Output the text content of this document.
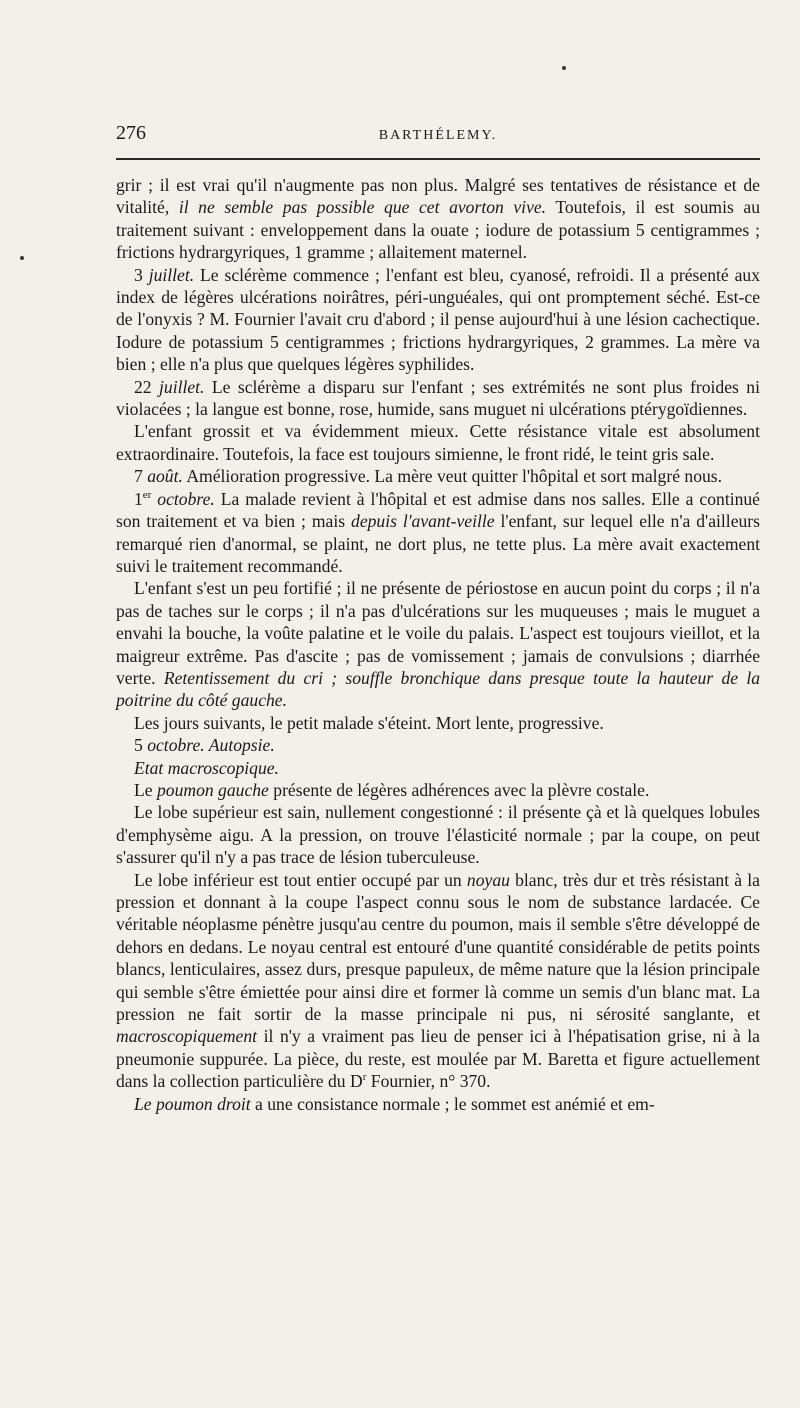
276	BARTHÉLEMY.

grir ; il est vrai qu'il n'augmente pas non plus. Malgré ses tentatives de résistance et de vitalité, il ne semble pas possible que cet avorton vive. Toutefois, il est soumis au traitement suivant : enveloppement dans la ouate ; iodure de potassium 5 centigrammes ; frictions hydrargyriques, 1 gramme ; allaitement maternel.

3 juillet. Le sclérème commence ; l'enfant est bleu, cyanosé, refroidi. Il a présenté aux index de légères ulcérations noirâtres, péri-unguéales, qui ont promptement séché. Est-ce de l'onyxis ? M. Fournier l'avait cru d'abord ; il pense aujourd'hui à une lésion cachectique. Iodure de potassium 5 centigrammes ; frictions hydrargyriques, 2 grammes. La mère va bien ; elle n'a plus que quelques légères syphilides.

22 juillet. Le sclérème a disparu sur l'enfant ; ses extrémités ne sont plus froides ni violacées ; la langue est bonne, rose, humide, sans muguet ni ulcérations ptérygoïdiennes.

L'enfant grossit et va évidemment mieux. Cette résistance vitale est absolument extraordinaire. Toutefois, la face est toujours simienne, le front ridé, le teint gris sale.

7 août. Amélioration progressive. La mère veut quitter l'hôpital et sort malgré nous.

1er octobre. La malade revient à l'hôpital et est admise dans nos salles. Elle a continué son traitement et va bien ; mais depuis l'avant-veille l'enfant, sur lequel elle n'a d'ailleurs remarqué rien d'anormal, se plaint, ne dort plus, ne tette plus. La mère avait exactement suivi le traitement recommandé.

L'enfant s'est un peu fortifié ; il ne présente de périostose en aucun point du corps ; il n'a pas de taches sur le corps ; il n'a pas d'ulcérations sur les muqueuses ; mais le muguet a envahi la bouche, la voûte palatine et le voile du palais. L'aspect est toujours vieillot, et la maigreur extrême. Pas d'ascite ; pas de vomissement ; jamais de convulsions ; diarrhée verte. Retentissement du cri ; souffle bronchique dans presque toute la hauteur de la poitrine du côté gauche.

Les jours suivants, le petit malade s'éteint. Mort lente, progressive.

5 octobre. Autopsie.

Etat macroscopique.

Le poumon gauche présente de légères adhérences avec la plèvre costale.

Le lobe supérieur est sain, nullement congestionné : il présente çà et là quelques lobules d'emphysème aigu. A la pression, on trouve l'élasticité normale ; par la coupe, on peut s'assurer qu'il n'y a pas trace de lésion tuberculeuse.

Le lobe inférieur est tout entier occupé par un noyau blanc, très dur et très résistant à la pression et donnant à la coupe l'aspect connu sous le nom de substance lardacée. Ce véritable néoplasme pénètre jusqu'au centre du poumon, mais il semble s'être développé de dehors en dedans. Le noyau central est entouré d'une quantité considérable de petits points blancs, lenticulaires, assez durs, presque papuleux, de même nature que la lésion principale qui semble s'être émiettée pour ainsi dire et former là comme un semis d'un blanc mat. La pression ne fait sortir de la masse principale ni pus, ni sérosité sanglante, et macroscopiquement il n'y a vraiment pas lieu de penser ici à l'hépatisation grise, ni à la pneumonie suppurée. La pièce, du reste, est moulée par M. Baretta et figure actuellement dans la collection particulière du $D^r$ Fournier, n° 370.

Le poumon droit a une consistance normale ; le sommet est anémié et em-
